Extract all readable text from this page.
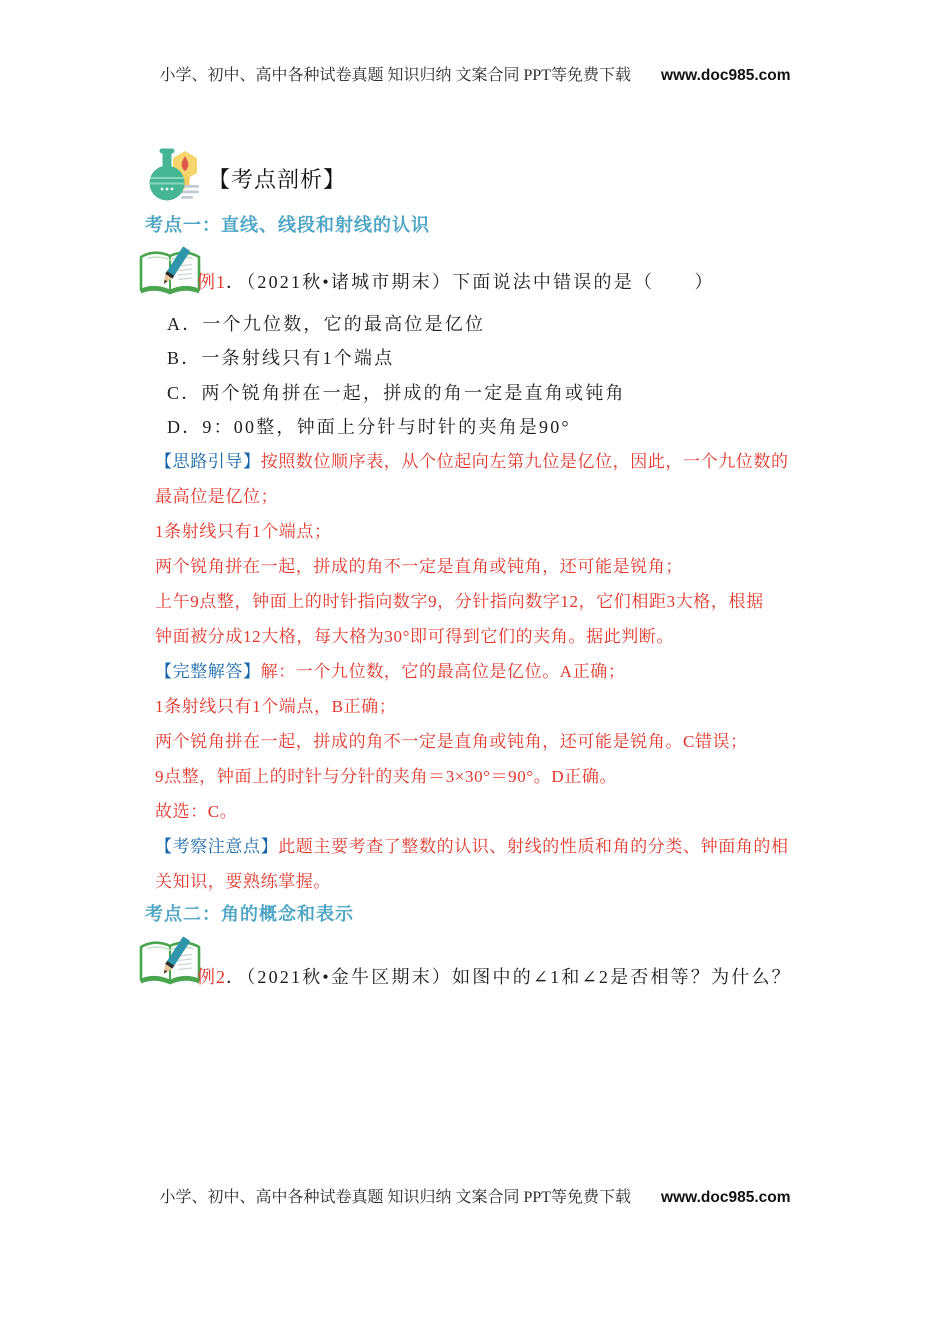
小学、初中、高中各种试卷真题 知识归纳 文案合同 PPT等免费下载 www.doc985.com
【考点剖析】
考点一：直线、线段和射线的认识
例1．（2021秋•诸城市期末）下面说法中错误的是（　　）
A．一个九位数，它的最高位是亿位
B．一条射线只有1个端点
C．两个锐角拼在一起，拼成的角一定是直角或钝角
D．9：00整，钟面上分针与时针的夹角是90°
【思路引导】按照数位顺序表，从个位起向左第九位是亿位，因此，一个九位数的
最高位是亿位；
1条射线只有1个端点；
两个锐角拼在一起，拼成的角不一定是直角或钝角，还可能是锐角；
上午9点整，钟面上的时针指向数字9，分针指向数字12，它们相距3大格，根据
钟面被分成12大格，每大格为30°即可得到它们的夹角。据此判断。
【完整解答】解：一个九位数，它的最高位是亿位。A正确；
1条射线只有1个端点，B正确；
两个锐角拼在一起，拼成的角不一定是直角或钝角，还可能是锐角。C错误；
9点整，钟面上的时针与分针的夹角＝3×30°＝90°。D正确。
故选：C。
【考察注意点】此题主要考查了整数的认识、射线的性质和角的分类、钟面角的相
关知识，要熟练掌握。
考点二：角的概念和表示
例2．（2021秋•金牛区期末）如图中的∠1和∠2是否相等？为什么？
小学、初中、高中各种试卷真题 知识归纳 文案合同 PPT等免费下载 www.doc985.com
